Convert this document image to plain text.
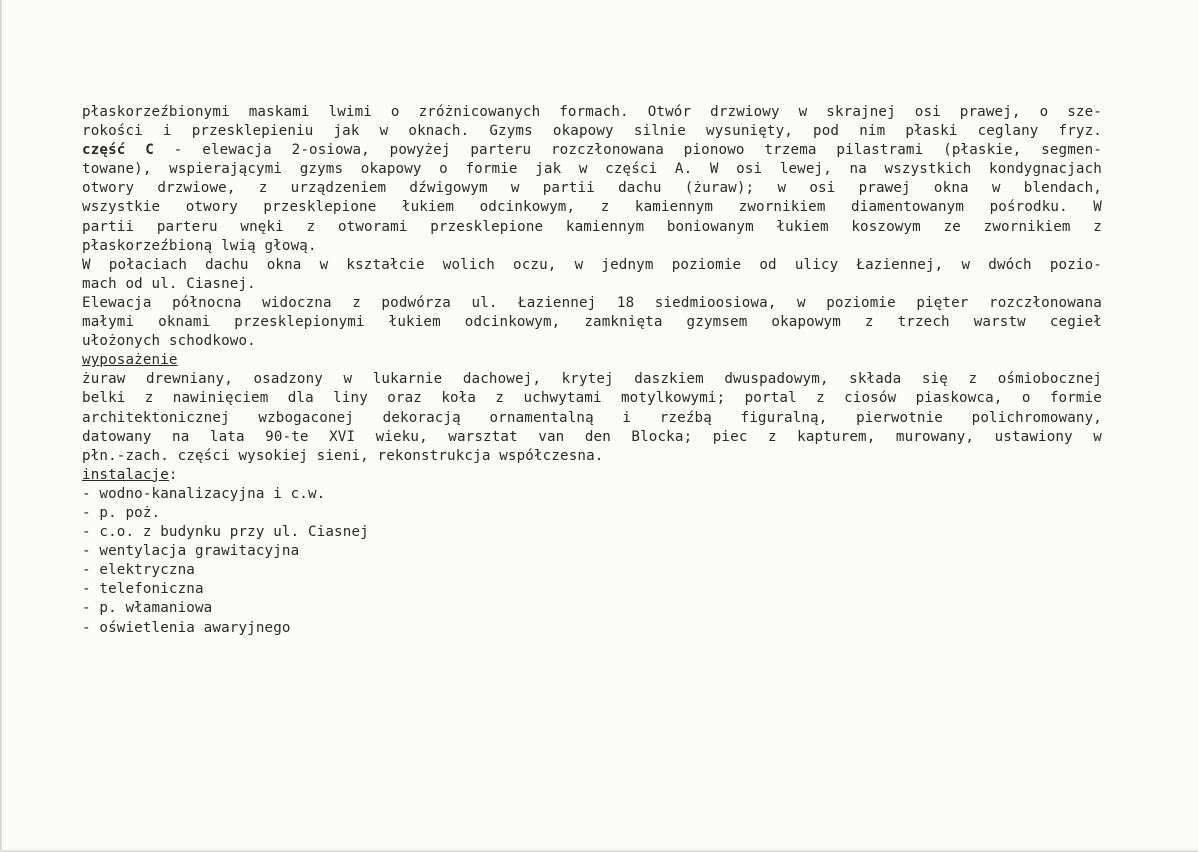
płaskorzeźbionymi maskami lwimi o zróżnicowanych formach. Otwór drzwiowy w skrajnej osi prawej, o sze-
rokości i przesklepieniu jak w oknach. Gzyms okapowy silnie wysunięty, pod nim płaski ceglany fryz.
część C - elewacja 2-osiowa, powyżej parteru rozczłonowana pionowo trzema pilastrami (płaskie, segmen-
towane), wspierającymi gzyms okapowy o formie jak w części A. W osi lewej, na wszystkich kondygnacjach
otwory drzwiowe, z urządzeniem dźwigowym w partii dachu (żuraw); w osi prawej okna w blendach,
wszystkie otwory przesklepione łukiem odcinkowym, z kamiennym zwornikiem diamentowanym pośrodku. W
partii parteru wnęki z otworami przesklepione kamiennym boniowanym łukiem koszowym ze zwornikiem z
płaskorzeźbioną lwią głową.
W połaciach dachu okna w kształcie wolich oczu, w jednym poziomie od ulicy Łaziennej, w dwóch pozio-
mach od ul. Ciasnej.
Elewacja północna widoczna z podwórza ul. Łaziennej 18 siedmioosiowa, w poziomie pięter rozczłonowana
małymi oknami przesklepionymi łukiem odcinkowym, zamknięta gzymsem okapowym z trzech warstw cegieł
ułożonych schodkowo.
wyposażenie
żuraw drewniany, osadzony w lukarnie dachowej, krytej daszkiem dwuspadowym, składa się z ośmiobocznej
belki z nawinięciem dla liny oraz koła z uchwytami motylkowymi; portal z ciosów piaskowca, o formie
architektonicznej wzbogaconej dekoracją ornamentalną i rzeźbą figuralną, pierwotnie polichromowany,
datowany na lata 90-te XVI wieku, warsztat van den Blocka; piec z kapturem, murowany, ustawiony w
płn.-zach. części wysokiej sieni, rekonstrukcja współczesna.
instalacje:
- wodno-kanalizacyjna i c.w.
- p. poż.
- c.o. z budynku przy ul. Ciasnej
- wentylacja grawitacyjna
- elektryczna
- telefoniczna
- p. włamaniowa
- oświetlenia awaryjnego
